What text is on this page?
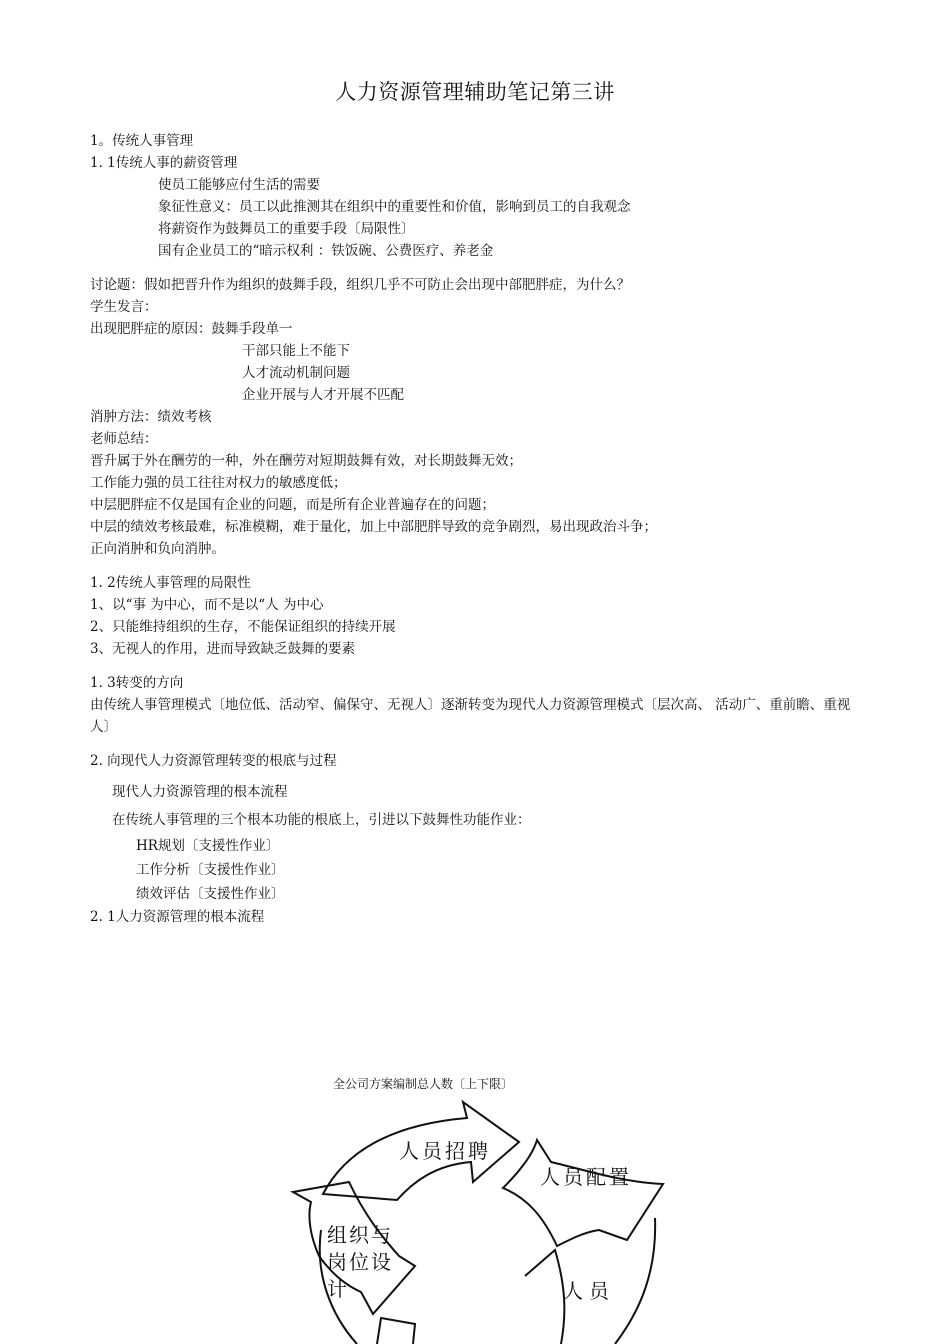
人力资源管理辅助笔记第三讲
1。传统人事管理
1. 1传统人事的薪资管理
使员工能够应付生活的需要
象征性意义：员工以此推测其在组织中的重要性和价值，影响到员工的自我观念
将薪资作为鼓舞员工的重要手段〔局限性〕
国有企业员工的“暗示权利 ：铁饭碗、公费医疗、养老金
讨论题：假如把晋升作为组织的鼓舞手段，组织几乎不可防止会出现中部肥胖症，为什么？
学生发言：
出现肥胖症的原因：鼓舞手段单一
干部只能上不能下
人才流动机制问题
企业开展与人才开展不匹配
消肿方法：绩效考核
老师总结：
晋升属于外在酬劳的一种，外在酬劳对短期鼓舞有效，对长期鼓舞无效；
工作能力强的员工往往对权力的敏感度低；
中层肥胖症不仅是国有企业的问题，而是所有企业普遍存在的问题；
中层的绩效考核最难，标准模糊，难于量化，加上中部肥胖导致的竞争剧烈，易出现政治斗争；
正向消肿和负向消肿。
1. 2传统人事管理的局限性
1、以“事 为中心，而不是以“人 为中心
2、只能维持组织的生存，不能保证组织的持续开展
3、无视人的作用，进而导致缺乏鼓舞的要素
1. 3转变的方向
由传统人事管理模式〔地位低、活动窄、偏保守、无视人〕逐渐转变为现代人力资源管理模式〔层次高、 活动广、重前瞻、重视人〕
2. 向现代人力资源管理转变的根底与过程
现代人力资源管理的根本流程
在传统人事管理的三个根本功能的根底上，引进以下鼓舞性功能作业：
HR规划〔支援性作业〕
工作分析〔支援性作业〕
绩效评估〔支援性作业〕
2. 1人力资源管理的根本流程
全公司方案编制总人数〔上下限〕
人员招聘
人员配置
组织与岗位设计	人员
